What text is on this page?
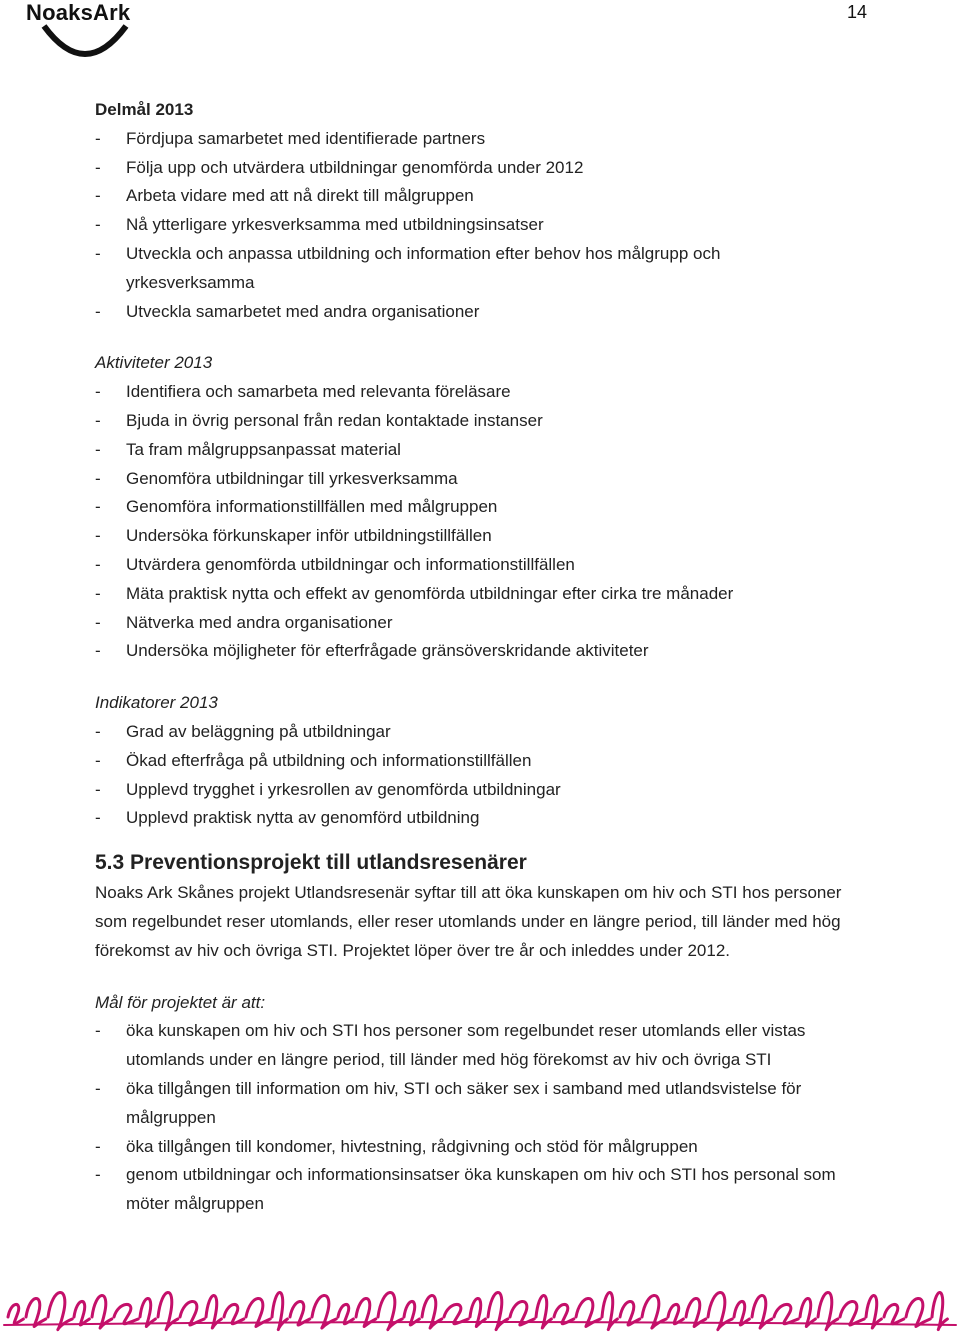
NoaksArk	14

Delmål 2013

- Fördjupa samarbetet med identifierade partners
- Följa upp och utvärdera utbildningar genomförda under 2012
- Arbeta vidare med att nå direkt till målgruppen
- Nå ytterligare yrkesverksamma med utbildningsinsatser
- Utveckla och anpassa utbildning och information efter behov hos målgrupp och yrkesverksamma
- Utveckla samarbetet med andra organisationer

Aktiviteter 2013

- Identifiera och samarbeta med relevanta föreläsare
- Bjuda in övrig personal från redan kontaktade instanser
- Ta fram målgruppsanpassat material
- Genomföra utbildningar till yrkesverksamma
- Genomföra informationstillfällen med målgruppen
- Undersöka förkunskaper inför utbildningstillfällen
- Utvärdera genomförda utbildningar och informationstillfällen
- Mäta praktisk nytta och effekt av genomförda utbildningar efter cirka tre månader
- Nätverka med andra organisationer
- Undersöka möjligheter för efterfrågade gränsöverskridande aktiviteter

Indikatorer 2013

- Grad av beläggning på utbildningar
- Ökad efterfråga på utbildning och informationstillfällen
- Upplevd trygghet i yrkesrollen av genomförda utbildningar
- Upplevd praktisk nytta av genomförd utbildning

5.3 Preventionsprojekt till utlandsresenärer

Noaks Ark Skånes projekt Utlandsresenär syftar till att öka kunskapen om hiv och STI hos personer som regelbundet reser utomlands, eller reser utomlands under en längre period, till länder med hög förekomst av hiv och övriga STI. Projektet löper över tre år och inleddes under 2012.

Mål för projektet är att:

- öka kunskapen om hiv och STI hos personer som regelbundet reser utomlands eller vistas utomlands under en längre period, till länder med hög förekomst av hiv och övriga STI
- öka tillgången till information om hiv, STI och säker sex i samband med utlandsvistelse för målgruppen
- öka tillgången till kondomer, hivtestning, rådgivning och stöd för målgruppen
- genom utbildningar och informationsinsatser öka kunskapen om hiv och STI hos personal som möter målgruppen
